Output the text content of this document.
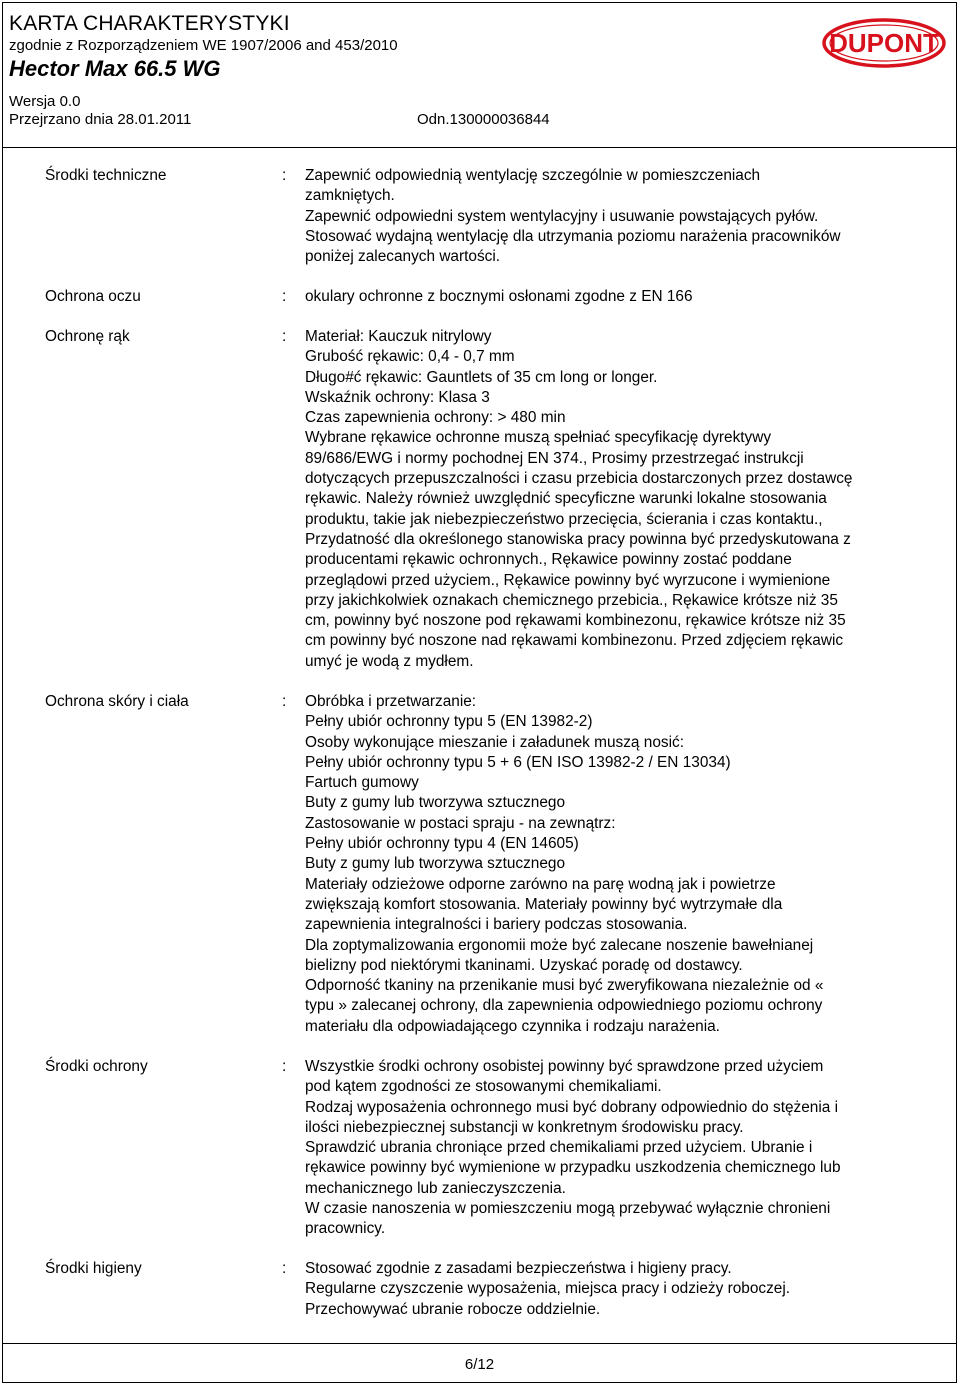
KARTA CHARAKTERYSTYKI
zgodnie z Rozporządzeniem WE 1907/2006 and 453/2010
Hector Max 66.5 WG
Wersja 0.0
Przejrzano dnia 28.01.2011	Odn.130000036844
DUPONT
Środki techniczne	: Zapewnić odpowiednią wentylację szczególnie w pomieszczeniach
zamkniętych.
Zapewnić odpowiedni system wentylacyjny i usuwanie powstających pyłów.
Stosować wydajną wentylację dla utrzymania poziomu narażenia pracowników
poniżej zalecanych wartości.
Ochrona oczu	: okulary ochronne z bocznymi osłonami zgodne z EN 166
Ochronę rąk	: Materiał: Kauczuk nitrylowy
Grubość rękawic: 0,4 - 0,7 mm
Długo#ć rękawic: Gauntlets of 35 cm long or longer.
Wskaźnik ochrony: Klasa 3
Czas zapewnienia ochrony: > 480 min
Wybrane rękawice ochronne muszą spełniać specyfikację dyrektywy
89/686/EWG i normy pochodnej EN 374., Prosimy przestrzegać instrukcji
dotyczących przepuszczalności i czasu przebicia dostarczonych przez dostawcę
rękawic. Należy również uwzględnić specyficzne warunki lokalne stosowania
produktu, takie jak niebezpieczeństwo przecięcia, ścierania i czas kontaktu.,
Przydatność dla określonego stanowiska pracy powinna być przedyskutowana z
producentami rękawic ochronnych., Rękawice powinny zostać poddane
przeglądowi przed użyciem., Rękawice powinny być wyrzucone i wymienione
przy jakichkolwiek oznakach chemicznego przebicia., Rękawice krótsze niż 35
cm, powinny być noszone pod rękawami kombinezonu, rękawice krótsze niż 35
cm powinny być noszone nad rękawami kombinezonu. Przed zdjęciem rękawic
umyć je wodą z mydłem.
Ochrona skóry i ciała	: Obróbka i przetwarzanie:
Pełny ubiór ochronny typu 5 (EN 13982-2)
Osoby wykonujące mieszanie i załadunek muszą nosić:
Pełny ubiór ochronny typu 5 + 6 (EN ISO 13982-2 / EN 13034)
Fartuch gumowy
Buty z gumy lub tworzywa sztucznego
Zastosowanie w postaci spraju - na zewnątrz:
Pełny ubiór ochronny typu 4 (EN 14605)
Buty z gumy lub tworzywa sztucznego
Materiały odzieżowe odporne zarówno na parę wodną jak i powietrze
zwiększają komfort stosowania. Materiały powinny być wytrzymałe dla
zapewnienia integralności i bariery podczas stosowania.
Dla zoptymalizowania ergonomii może być zalecane noszenie bawełnianej
bielizny pod niektórymi tkaninami. Uzyskać poradę od dostawcy.
Odporność tkaniny na przenikanie musi być zweryfikowana niezależnie od «
typu » zalecanej ochrony, dla zapewnienia odpowiedniego poziomu ochrony
materiału dla odpowiadającego czynnika i rodzaju narażenia.
Środki ochrony	: Wszystkie środki ochrony osobistej powinny być sprawdzone przed użyciem
pod kątem zgodności ze stosowanymi chemikaliami.
Rodzaj wyposażenia ochronnego musi być dobrany odpowiednio do stężenia i
ilości niebezpiecznej substancji w konkretnym środowisku pracy.
Sprawdzić ubrania chroniące przed chemikaliami przed użyciem. Ubranie i
rękawice powinny być wymienione w przypadku uszkodzenia chemicznego lub
mechanicznego lub zanieczyszczenia.
W czasie nanoszenia w pomieszczeniu mogą przebywać wyłącznie chronieni
pracownicy.
Środki higieny	: Stosować zgodnie z zasadami bezpieczeństwa i higieny pracy.
Regularne czyszczenie wyposażenia, miejsca pracy i odzieży roboczej.
Przechowywać ubranie robocze oddzielnie.
6/12
